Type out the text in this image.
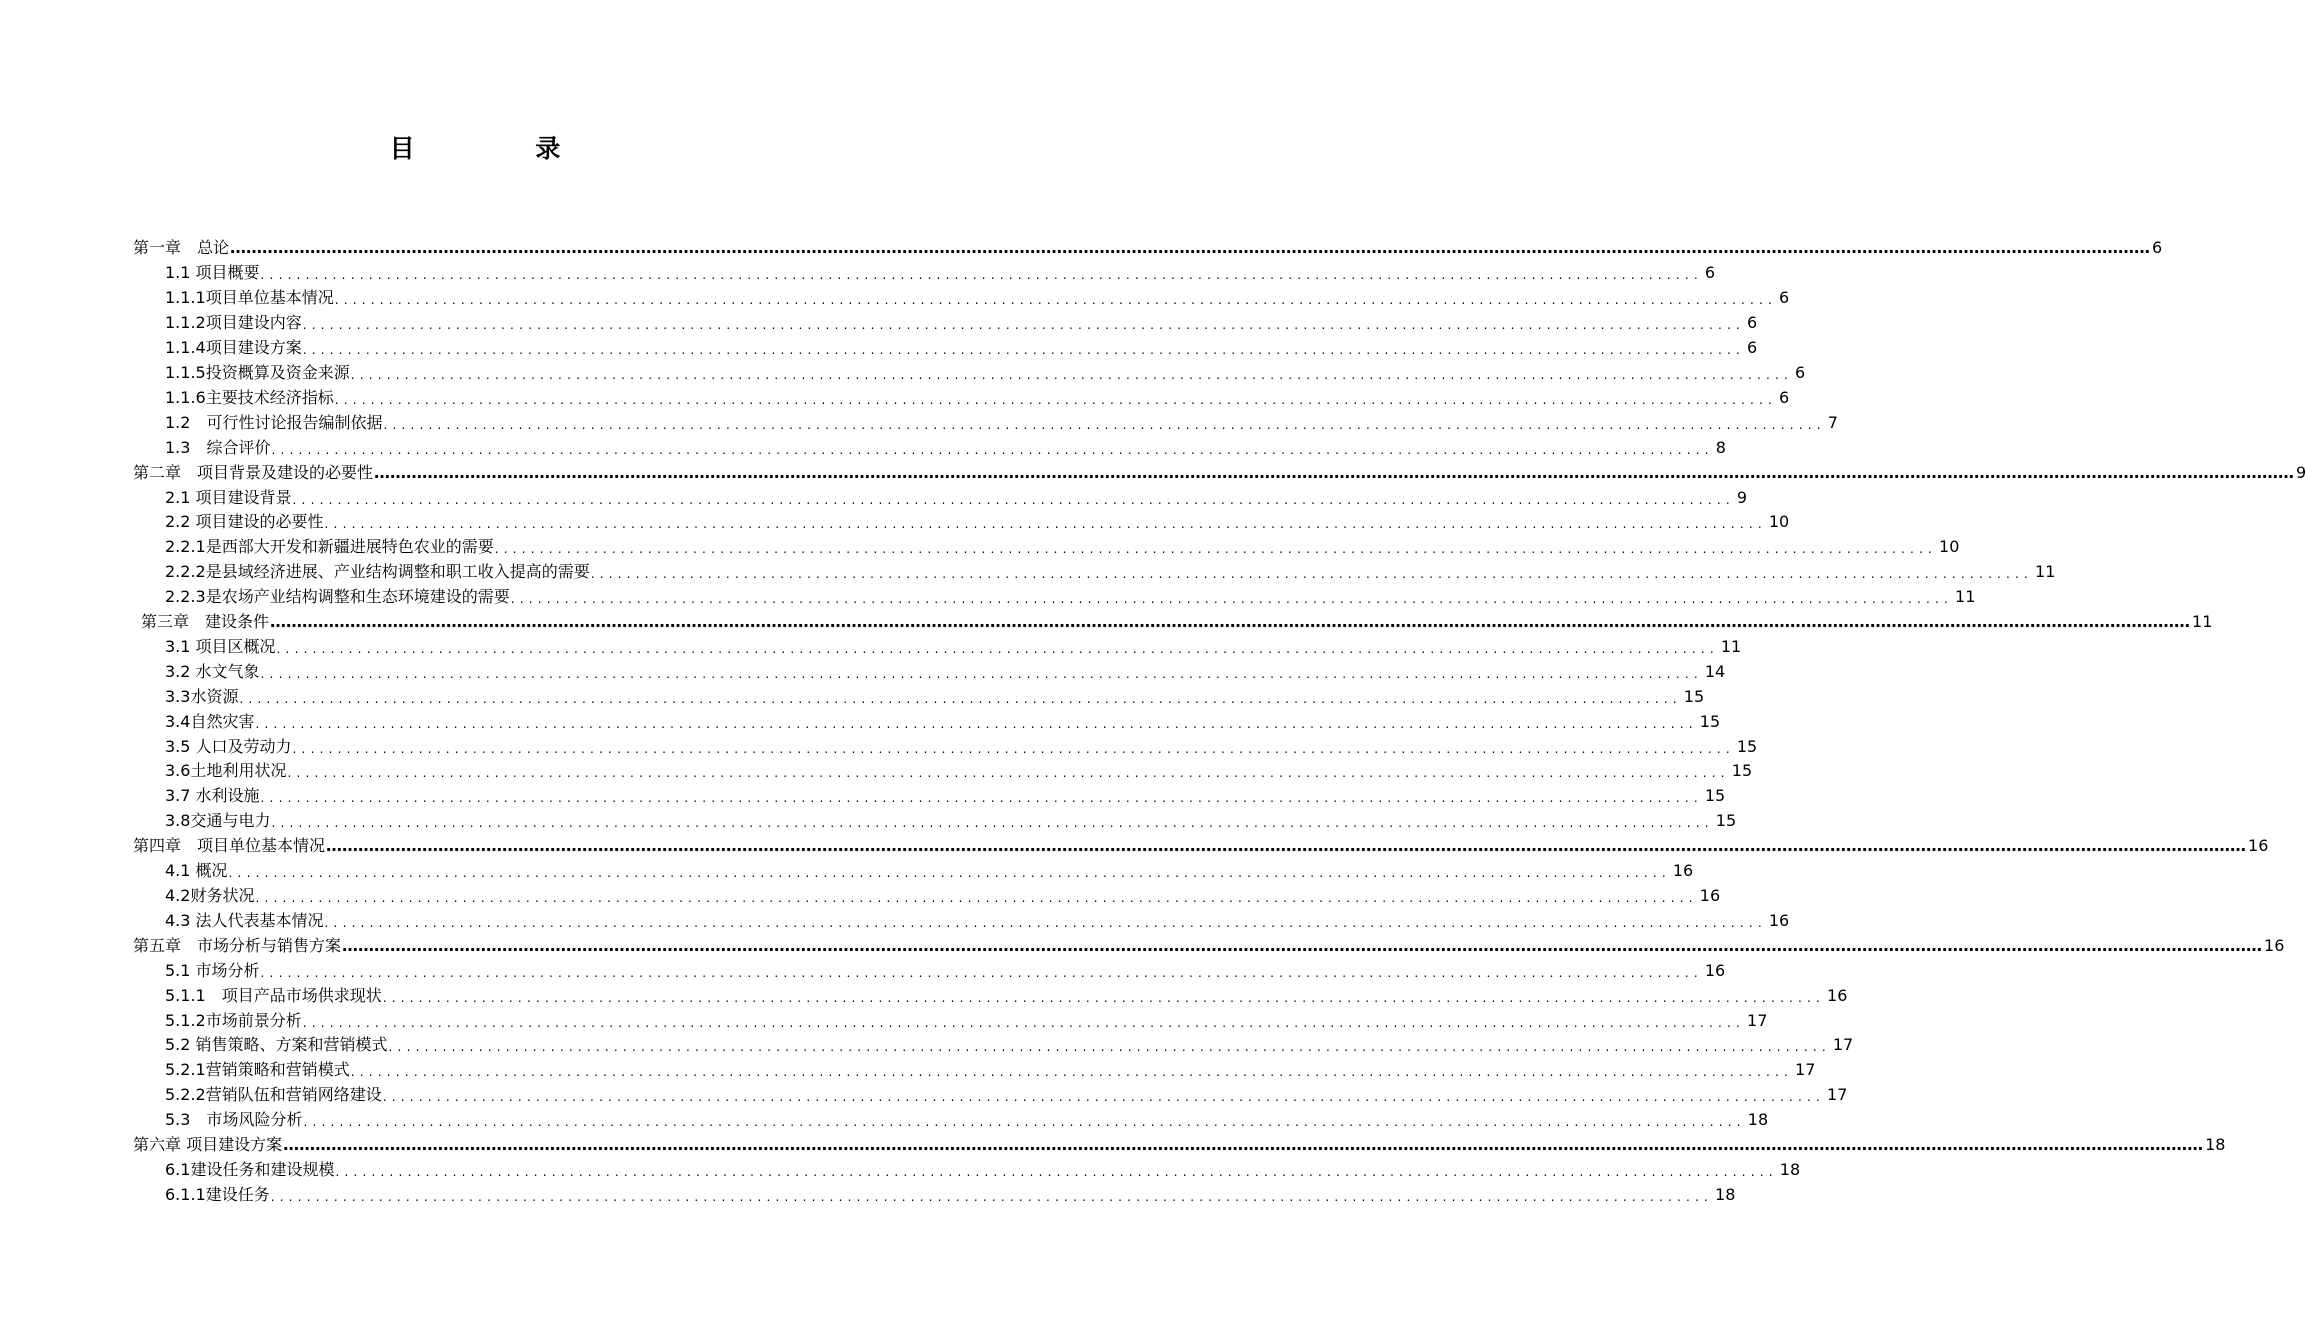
目 录
第一章　总论 ……………………………………………………………………………………………………………………………………………………………………………………………………………………………………………………………………………………………………………………………… 6
1.1 项目概要 ................................................................................................................................................................ 6
1.1.1项目单位基本情况 ................................................................................................................................................................ 6
1.1.2项目建设内容 ................................................................................................................................................................ 6
1.1.4项目建设方案 ................................................................................................................................................................ 6
1.1.5投资概算及资金来源 ................................................................................................................................................................ 6
1.1.6主要技术经济指标 ................................................................................................................................................................ 6
1.2　可行性讨论报告编制依据 ................................................................................................................................................................ 7
1.3　综合评价 ................................................................................................................................................................ 8
第二章　项目背景及建设的必要性 ……………………………………………………………………………………………………………………………………………………………………………………………………………………………………………………………………………………………………………………………… 9
2.1 项目建设背景 ................................................................................................................................................................ 9
2.2 项目建设的必要性 ................................................................................................................................................................ 10
2.2.1是西部大开发和新疆进展特色农业的需要 ................................................................................................................................................................ 10
2.2.2是县域经济进展、产业结构调整和职工收入提高的需要 ................................................................................................................................................................ 11
2.2.3是农场产业结构调整和生态环境建设的需要 ................................................................................................................................................................ 11
第三章　建设条件 ……………………………………………………………………………………………………………………………………………………………………………………………………………………………………………………………………………………………………………………………… 11
3.1 项目区概况 ................................................................................................................................................................ 11
3.2 水文气象 ................................................................................................................................................................ 14
3.3水资源 ................................................................................................................................................................ 15
3.4自然灾害 ................................................................................................................................................................ 15
3.5 人口及劳动力 ................................................................................................................................................................ 15
3.6土地利用状况 ................................................................................................................................................................ 15
3.7 水利设施 ................................................................................................................................................................ 15
3.8交通与电力 ................................................................................................................................................................ 15
第四章　项目单位基本情况 ……………………………………………………………………………………………………………………………………………………………………………………………………………………………………………………………………………………………………………………………… 16
4.1 概况 ................................................................................................................................................................ 16
4.2财务状况 ................................................................................................................................................................ 16
4.3 法人代表基本情况 ................................................................................................................................................................ 16
第五章　市场分析与销售方案 ……………………………………………………………………………………………………………………………………………………………………………………………………………………………………………………………………………………………………………………………… 16
5.1 市场分析 ................................................................................................................................................................ 16
5.1.1　项目产品市场供求现状 ................................................................................................................................................................ 16
5.1.2市场前景分析 ................................................................................................................................................................ 17
5.2 销售策略、方案和营销模式 ................................................................................................................................................................ 17
5.2.1营销策略和营销模式 ................................................................................................................................................................ 17
5.2.2营销队伍和营销网络建设 ................................................................................................................................................................ 17
5.3　市场风险分析 ................................................................................................................................................................ 18
第六章 项目建设方案 ……………………………………………………………………………………………………………………………………………………………………………………………………………………………………………………………………………………………………………………………… 18
6.1建设任务和建设规模 ................................................................................................................................................................ 18
6.1.1建设任务 ................................................................................................................................................................ 18
